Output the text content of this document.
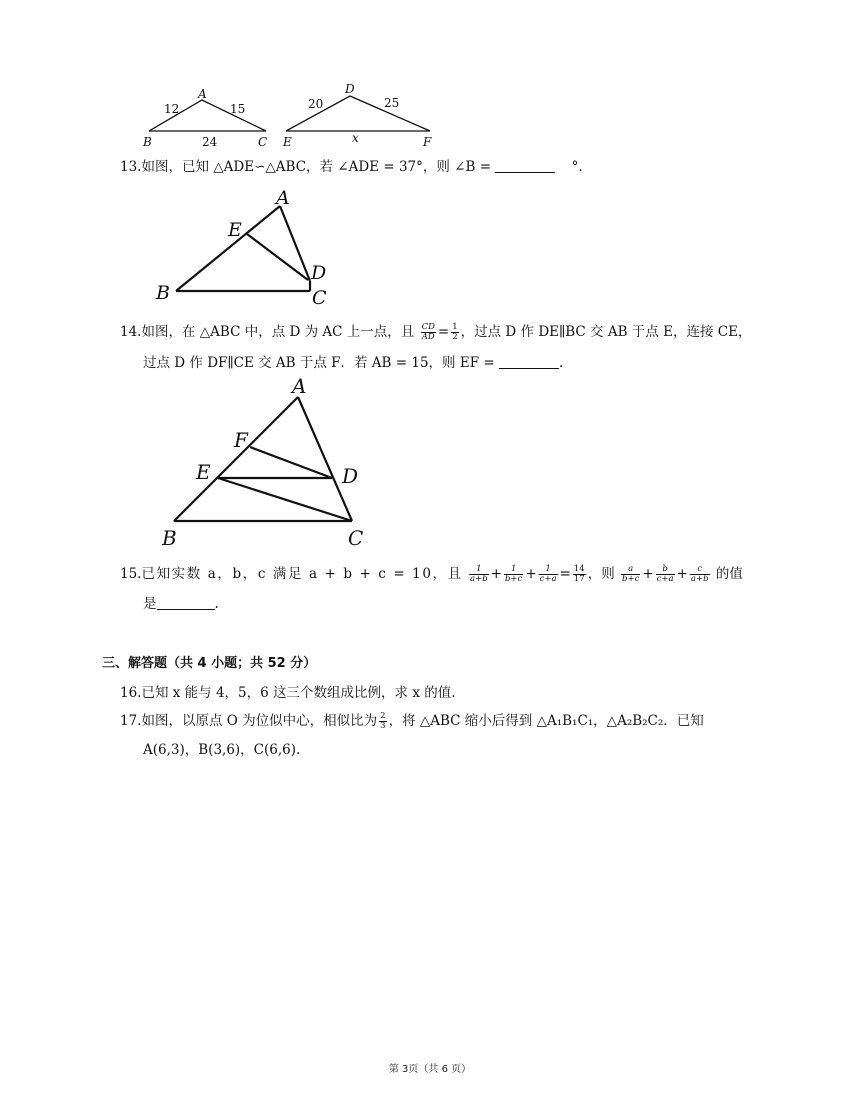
A
B	C
12	15
24
D
E	F
20	25
x
13.如图，已知 △ADE∽△ABC，若 ∠ADE = 37°，则 ∠B =	°.
A
E
D
B	C
14.如图，在 △ABC 中，点 D 为 AC 上一点，且 $\frac{CD}{AD} = \frac{1}{2}$ ，过点 D 作 DE∥BC 交 AB 于点 E，连接 CE，
过点 D 作 DF∥CE 交 AB 于点 F．若 AB = 15，则 EF =	.
A
F
E	D
B	C
15.已知实数 a，b，c 满足 a + b + c = 10，且 $\frac{1}{a+b} + \frac{1}{b+c} + \frac{1}{c+a} = \frac{14}{17}$ ，则 $\frac{a}{b+c} + \frac{b}{c+a} + \frac{c}{a+b}$ 的值
是	.
三、解答题（共 4 小题；共 52 分）
16.已知 x 能与 4，5，6 这三个数组成比例，求 x 的值.
17.如图，以原点 O 为位似中心，相似比为 $\frac{2}{3}$ ，将 △ABC 缩小后得到 △A₁B₁C₁，△A₂B₂C₂．已知
A(6,3)，B(3,6)，C(6,6).
第 3页（共 6 页）
